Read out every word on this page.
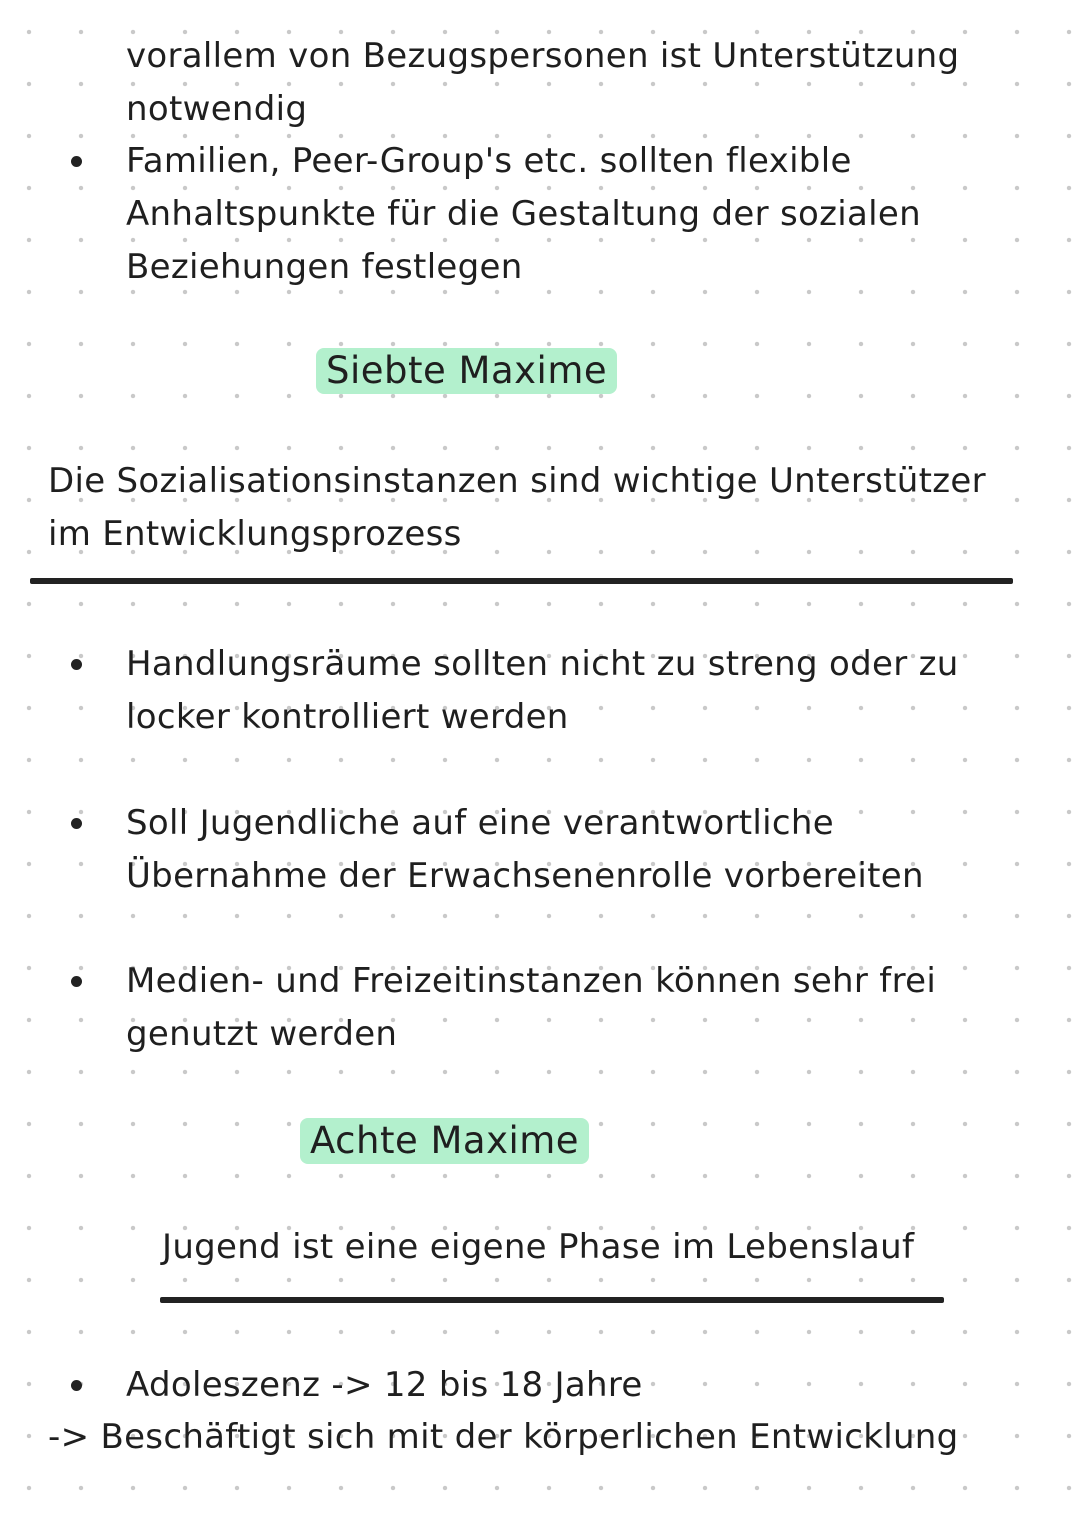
vorallem von Bezugspersonen ist Unterstützung
notwendig
Familien, Peer-Group's etc. sollten flexible
Anhaltspunkte für die Gestaltung der sozialen
Beziehungen festlegen
Siebte Maxime
Die Sozialisationsinstanzen sind wichtige Unterstützer
im Entwicklungsprozess
Handlungsräume sollten nicht zu streng oder zu
locker kontrolliert werden
Soll Jugendliche auf eine verantwortliche
Übernahme der Erwachsenenrolle vorbereiten
Medien- und Freizeitinstanzen können sehr frei
genutzt werden
Achte Maxime
Jugend ist eine eigene Phase im Lebenslauf
Adoleszenz -> 12 bis 18 Jahre
-> Beschäftigt sich mit der körperlichen Entwicklung
